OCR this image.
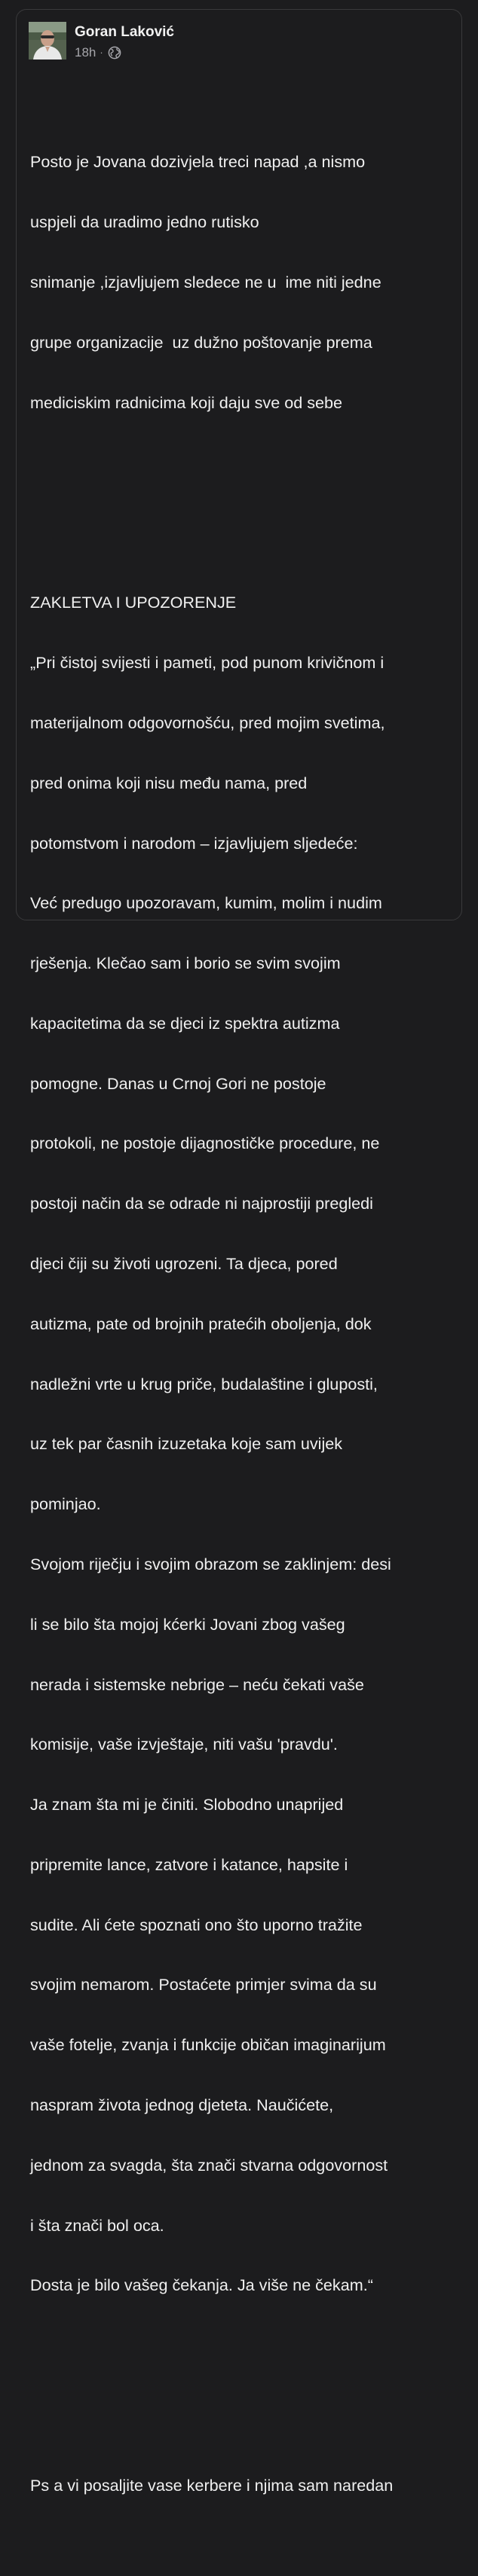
Goran Laković
18h ·

Posto je Jovana dozivjela treci napad ,a nismo

uspjeli da uradimo jedno rutisko

snimanje ,izjavljujem sledece ne u  ime niti jedne

grupe organizacije  uz dužno poštovanje prema

mediciskim radnicima koji daju sve od sebe

ZAKLETVA I UPOZORENJE

„Pri čistoj svijesti i pameti, pod punom krivičnom i

materijalnom odgovornošću, pred mojim svetima,

pred onima koji nisu među nama, pred

potomstvom i narodom – izjavljujem sljedeće:

Već predugo upozoravam, kumim, molim i nudim

rješenja. Klečao sam i borio se svim svojim

kapacitetima da se djeci iz spektra autizma

pomogne. Danas u Crnoj Gori ne postoje

protokoli, ne postoje dijagnostičke procedure, ne

postoji način da se odrade ni najprostiji pregledi

djeci čiji su životi ugrozeni. Ta djeca, pored

autizma, pate od brojnih pratećih oboljenja, dok

nadležni vrte u krug priče, budalaštine i gluposti,

uz tek par časnih izuzetaka koje sam uvijek

pominjao.

Svojom riječju i svojim obrazom se zaklinjem: desi

li se bilo šta mojoj kćerki Jovani zbog vašeg

nerada i sistemske nebrige – neću čekati vaše

komisije, vaše izvještaje, niti vašu 'pravdu'.

Ja znam šta mi je činiti. Slobodno unaprijed

pripremite lance, zatvore i katance, hapsite i

sudite. Ali ćete spoznati ono što uporno tražite

svojim nemarom. Postaćete primjer svima da su

vaše fotelje, zvanja i funkcije običan imaginarijum

naspram života jednog djeteta. Naučićete,

jednom za svagda, šta znači stvarna odgovornost

i šta znači bol oca.

Dosta je bilo vašeg čekanja. Ja više ne čekam.“

Ps a vi posaljite vase kerbere i njima sam naredan
